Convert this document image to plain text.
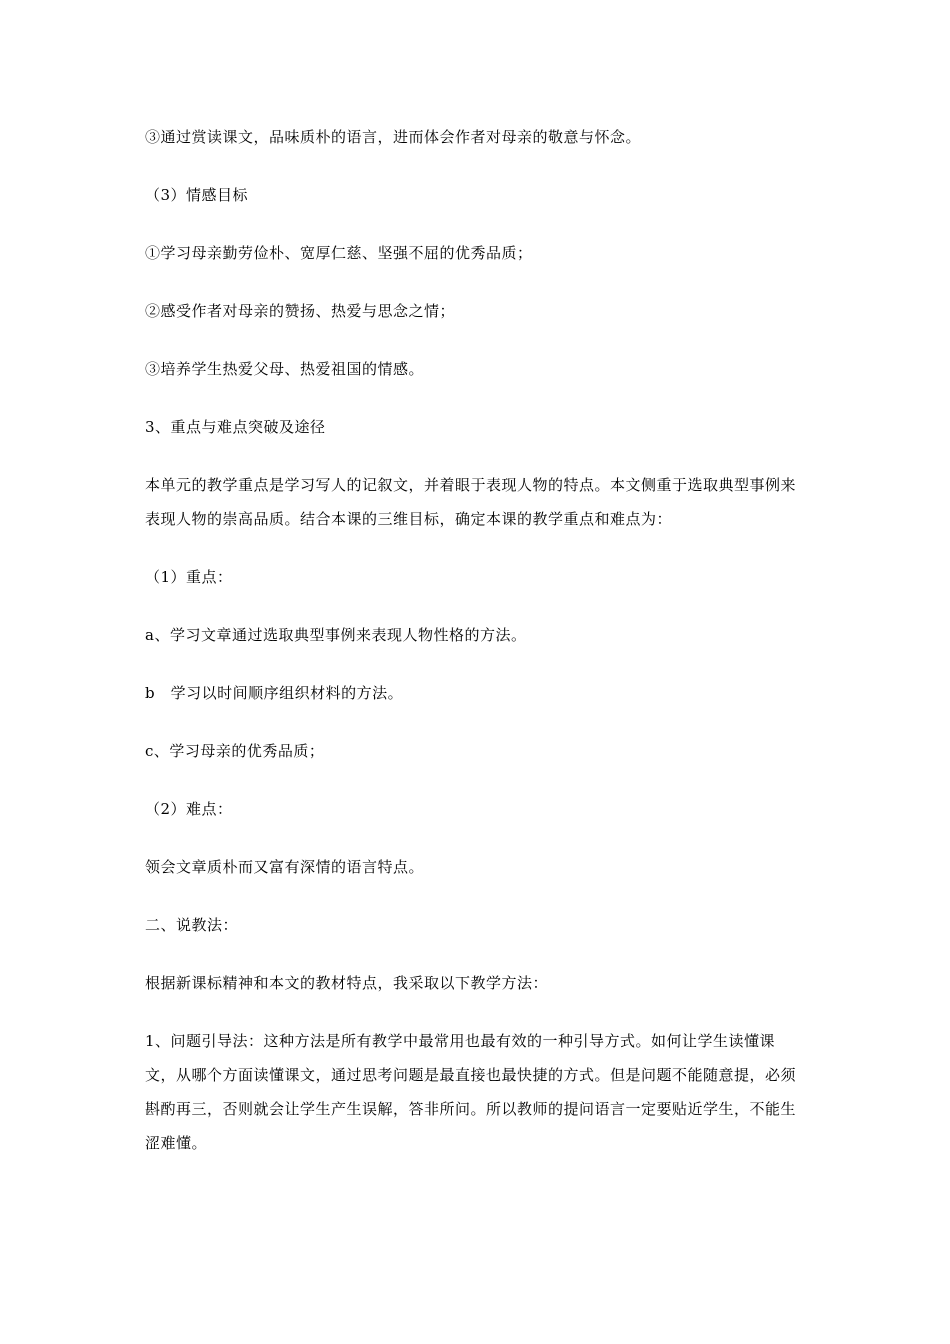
③通过赏读课文，品味质朴的语言，进而体会作者对母亲的敬意与怀念。

（3）情感目标

①学习母亲勤劳俭朴、宽厚仁慈、坚强不屈的优秀品质；

②感受作者对母亲的赞扬、热爱与思念之情；

③培养学生热爱父母、热爱祖国的情感。

3、重点与难点突破及途径

本单元的教学重点是学习写人的记叙文，并着眼于表现人物的特点。本文侧重于选取典型事例来表现人物的崇高品质。结合本课的三维目标，确定本课的教学重点和难点为：

（1）重点：

a、学习文章通过选取典型事例来表现人物性格的方法。

b　学习以时间顺序组织材料的方法。

c、学习母亲的优秀品质；

（2）难点：

领会文章质朴而又富有深情的语言特点。

二、说教法：

根据新课标精神和本文的教材特点，我采取以下教学方法：

1、问题引导法：这种方法是所有教学中最常用也最有效的一种引导方式。如何让学生读懂课文，从哪个方面读懂课文，通过思考问题是最直接也最快捷的方式。但是问题不能随意提，必须斟酌再三，否则就会让学生产生误解，答非所问。所以教师的提问语言一定要贴近学生，不能生涩难懂。
